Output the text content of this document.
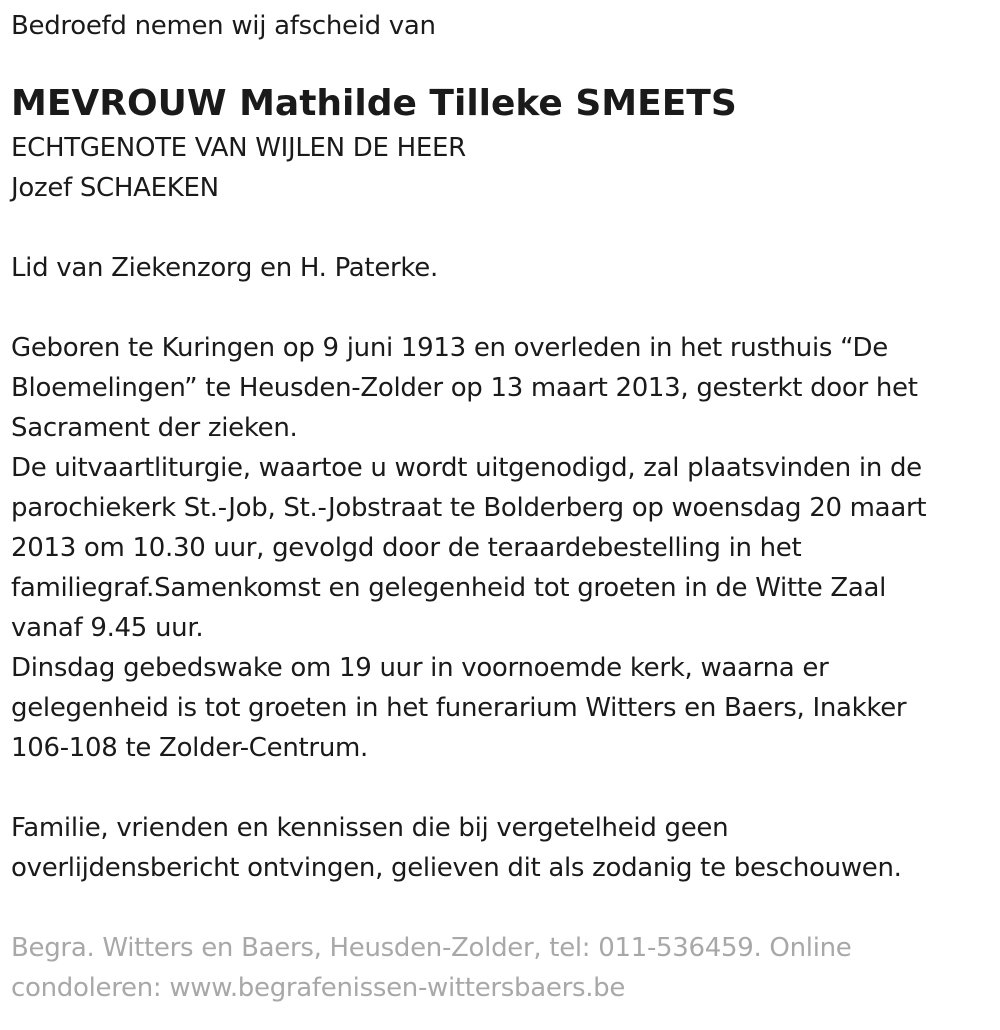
Bedroefd nemen wij afscheid van
MEVROUW Mathilde Tilleke SMEETS
ECHTGENOTE VAN WIJLEN DE HEER
Jozef SCHAEKEN
Lid van Ziekenzorg en H. Paterke.
Geboren te Kuringen op 9 juni 1913 en overleden in het rusthuis “De
Bloemelingen” te Heusden-Zolder op 13 maart 2013, gesterkt door het
Sacrament der zieken.
De uitvaartliturgie, waartoe u wordt uitgenodigd, zal plaatsvinden in de
parochiekerk St.-Job, St.-Jobstraat te Bolderberg op woensdag 20 maart
2013 om 10.30 uur, gevolgd door de teraardebestelling in het
familiegraf.Samenkomst en gelegenheid tot groeten in de Witte Zaal
vanaf 9.45 uur.
Dinsdag gebedswake om 19 uur in voornoemde kerk, waarna er
gelegenheid is tot groeten in het funerarium Witters en Baers, Inakker
106-108 te Zolder-Centrum.
Familie, vrienden en kennissen die bij vergetelheid geen
overlijdensbericht ontvingen, gelieven dit als zodanig te beschouwen.
Begra. Witters en Baers, Heusden-Zolder, tel: 011-536459. Online
condoleren: www.begrafenissen-wittersbaers.be
